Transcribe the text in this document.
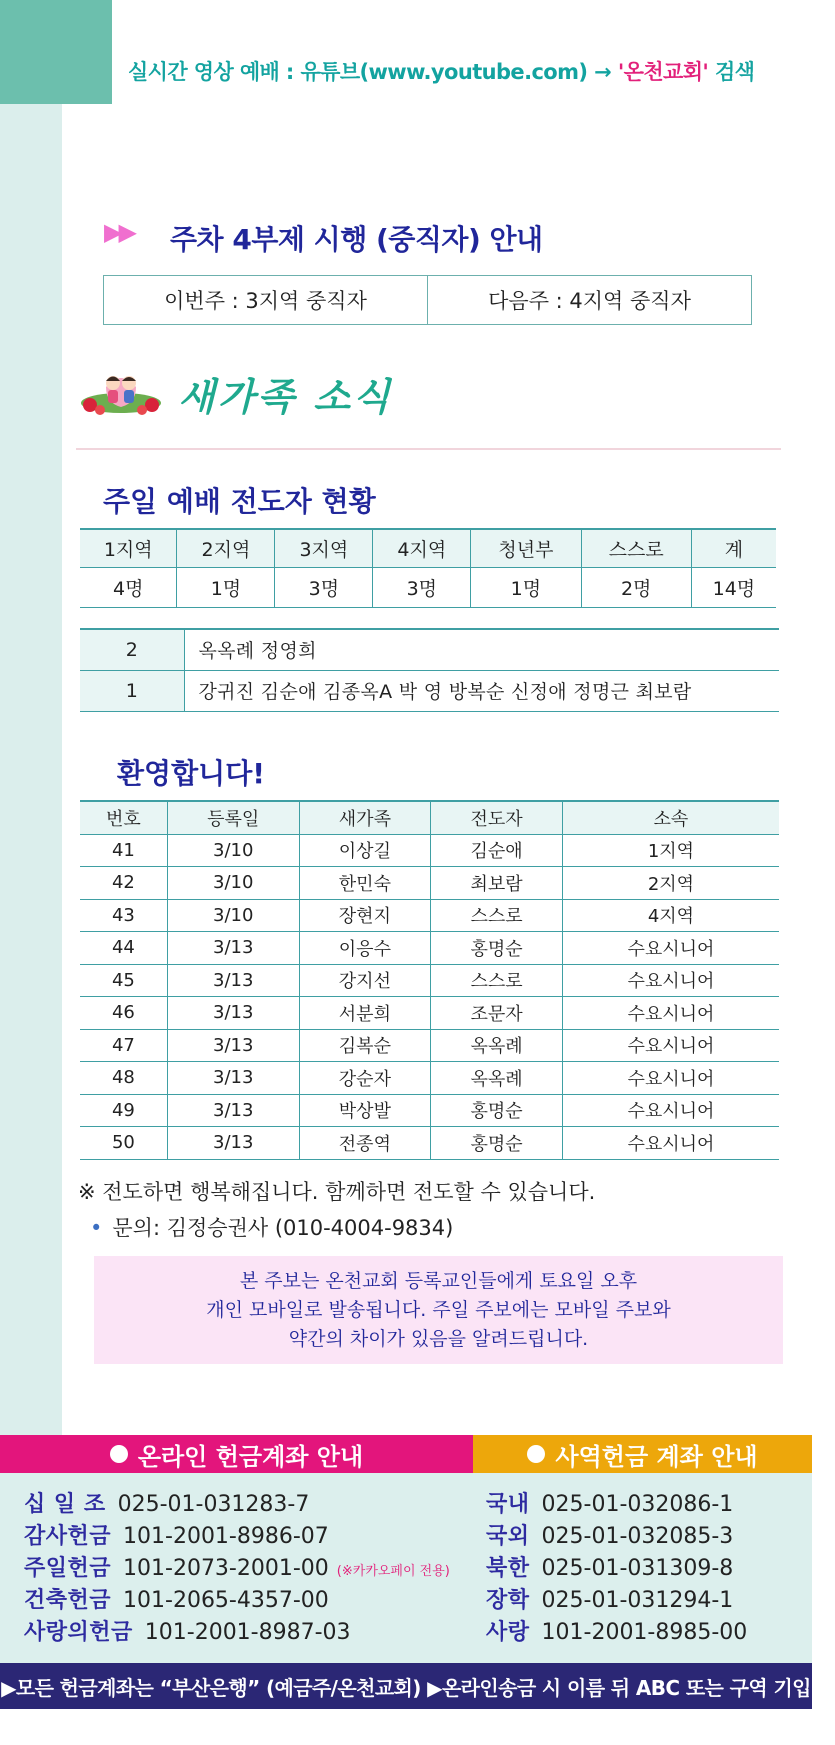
실시간 영상 예배 : 유튜브(www.youtube.com) → '온천교회' 검색
▶▶ 주차 4부제 시행 (중직자) 안내
이번주 : 3지역 중직자	다음주 : 4지역 중직자
새가족 소식
주일 예배 전도자 현황
1지역	2지역	3지역	4지역	청년부	스스로	계
4명	1명	3명	3명	1명	2명	14명
2	옥옥례 정영희
1	강귀진 김순애 김종옥A 박 영 방복순 신정애 정명근 최보람
환영합니다!
번호	등록일	새가족	전도자	소속
41	3/10	이상길	김순애	1지역
42	3/10	한민숙	최보람	2지역
43	3/10	장현지	스스로	4지역
44	3/13	이응수	홍명순	수요시니어
45	3/13	강지선	스스로	수요시니어
46	3/13	서분희	조문자	수요시니어
47	3/13	김복순	옥옥례	수요시니어
48	3/13	강순자	옥옥례	수요시니어
49	3/13	박상발	홍명순	수요시니어
50	3/13	전종역	홍명순	수요시니어
※ 전도하면 행복해집니다. 함께하면 전도할 수 있습니다.
• 문의: 김정승권사 (010-4004-9834)
본 주보는 온천교회 등록교인들에게 토요일 오후
개인 모바일로 발송됩니다. 주일 주보에는 모바일 주보와
약간의 차이가 있음을 알려드립니다.
온라인 헌금계좌 안내	사역헌금 계좌 안내
십 일 조 025-01-031283-7
감사헌금 101-2001-8986-07
주일헌금 101-2073-2001-00 (※카카오페이 전용)
건축헌금 101-2065-4357-00
사랑의헌금 101-2001-8987-03
국내 025-01-032086-1
국외 025-01-032085-3
북한 025-01-031309-8
장학 025-01-031294-1
사랑 101-2001-8985-00
▶모든 헌금계좌는 “부산은행” (예금주/온천교회) ▶온라인송금 시 이름 뒤 ABC 또는 구역 기입
